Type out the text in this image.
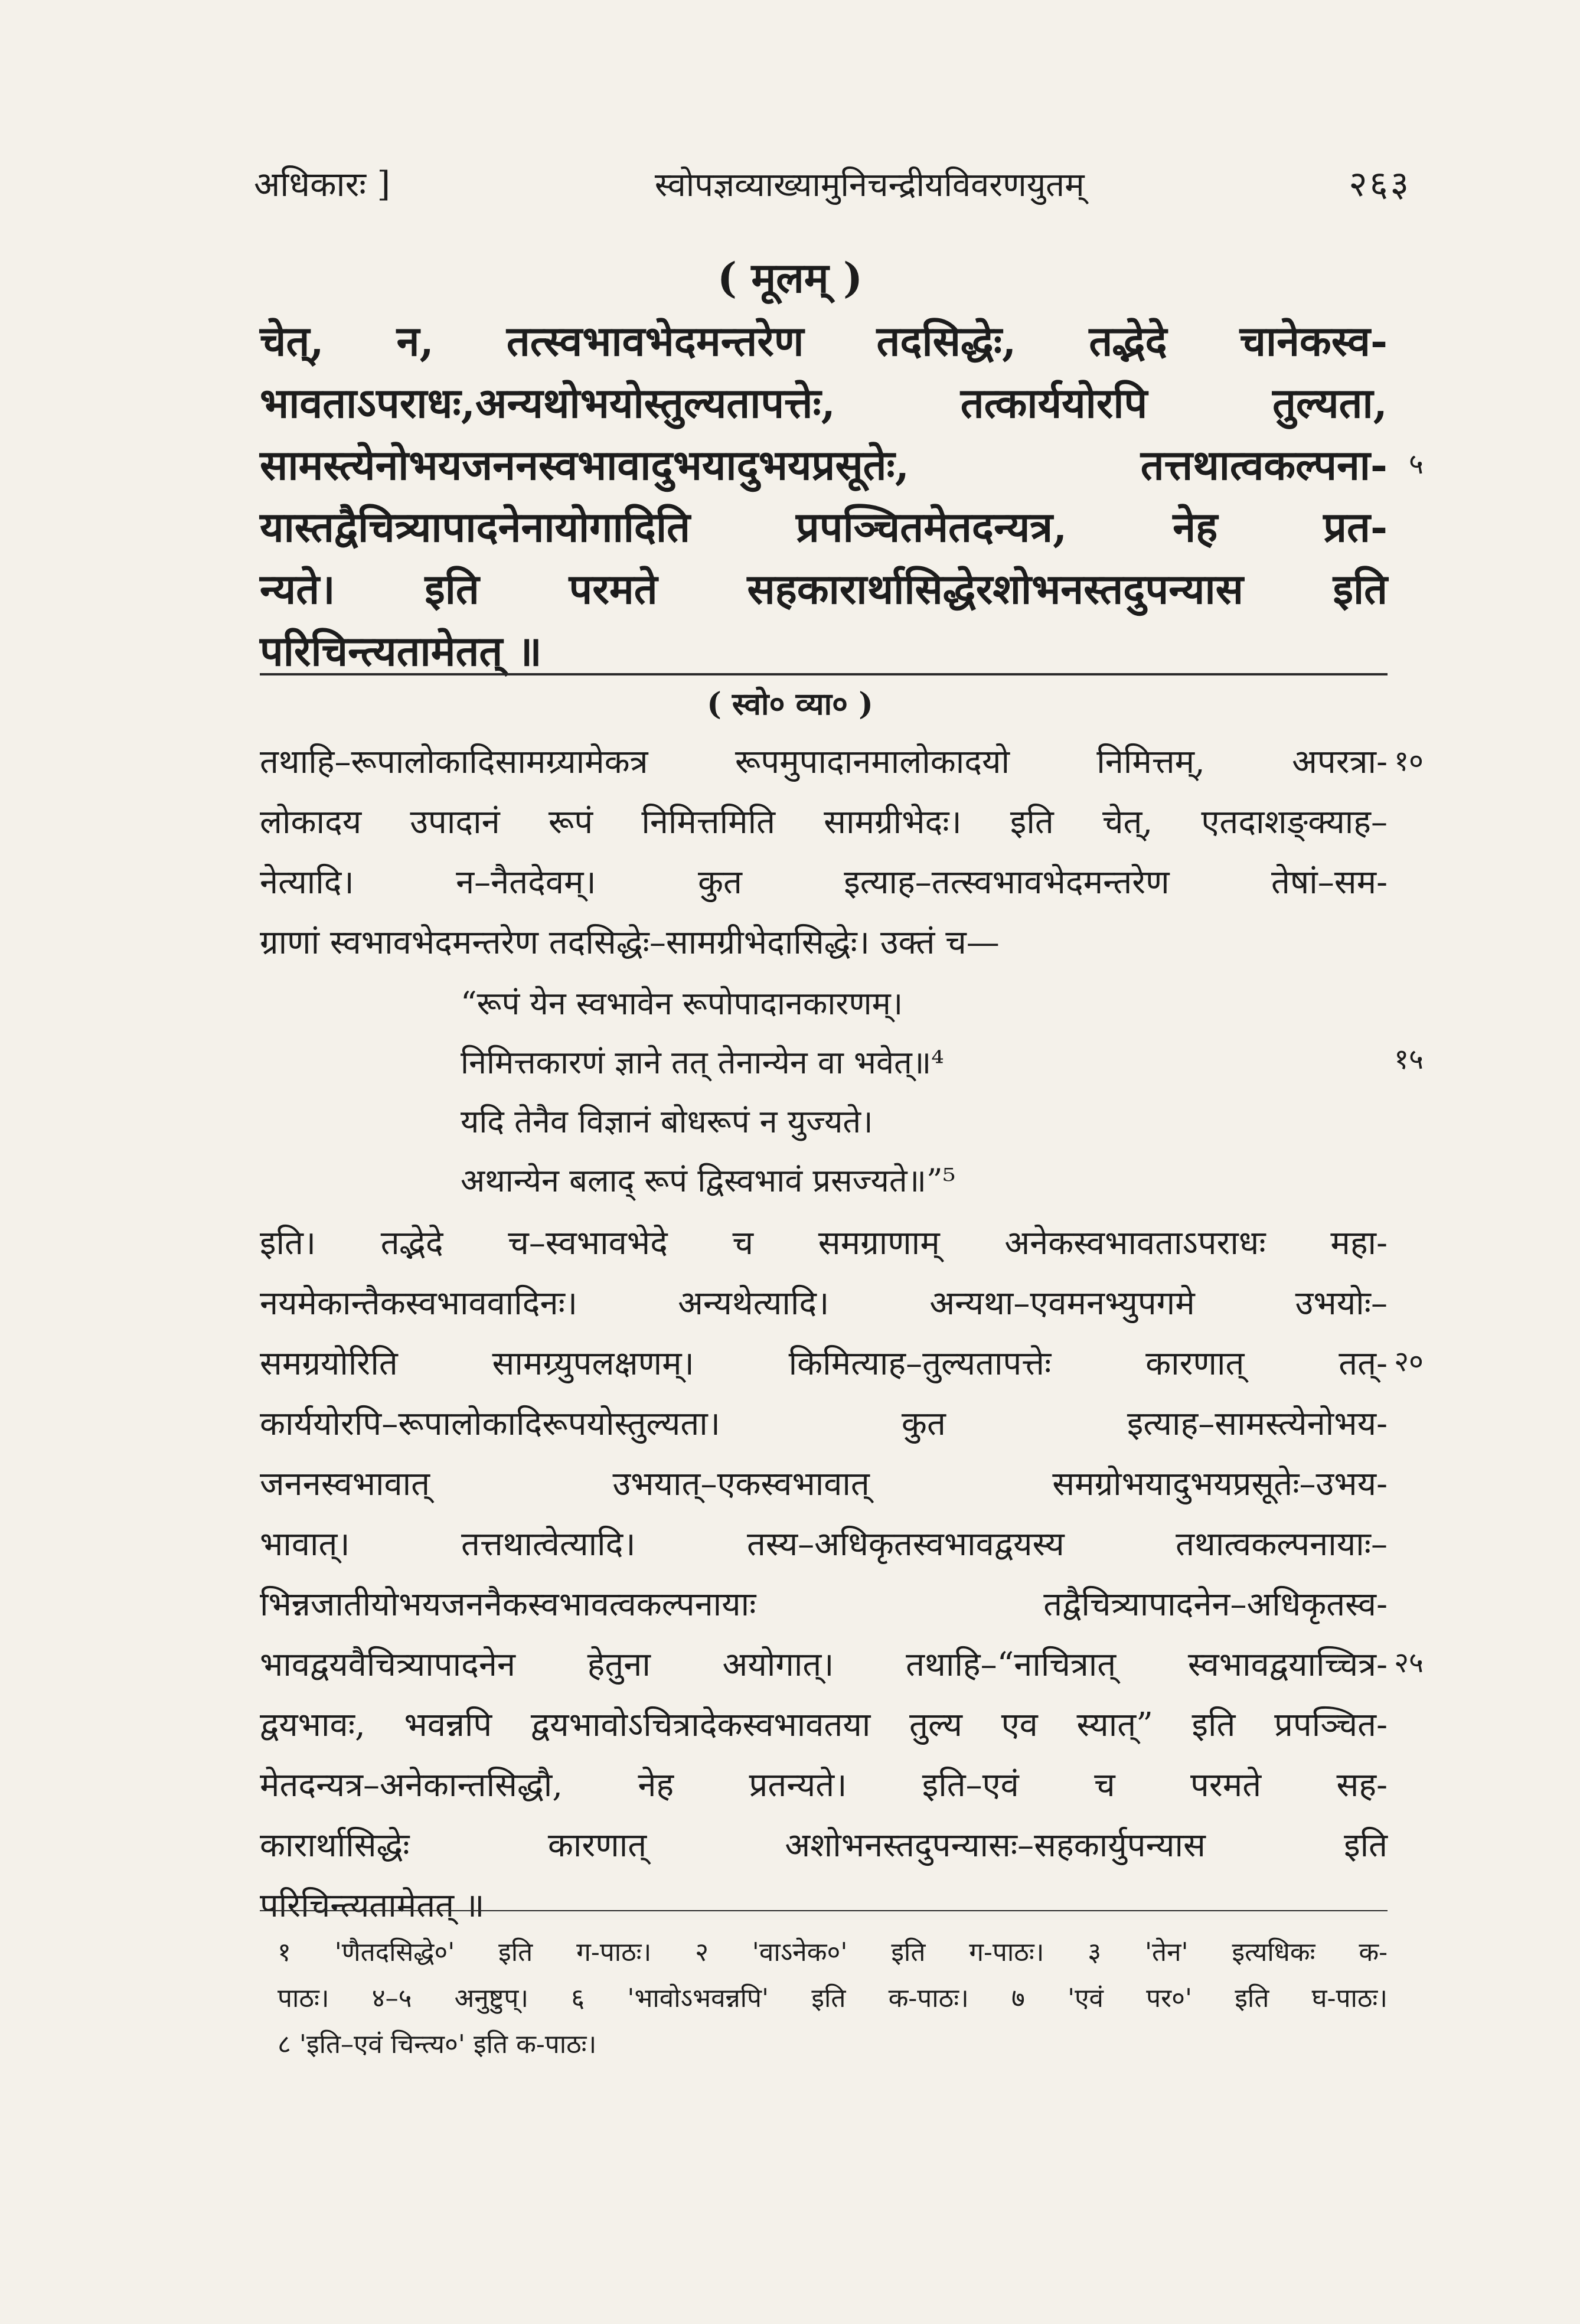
अधिकारः ]	स्वोपज्ञव्याख्यामुनिचन्द्रीयविवरणयुतम्	२६३
( मूलम् )
चेत्, न, तत्स्वभावभेदमन्तरेण तदसिद्धेः, तद्भेदे चानेकस्व-
भावताऽपराधः,अन्यथोभयोस्तुल्यतापत्तेः, तत्कार्ययोरपि तुल्यता,
सामस्त्येनोभयजननस्वभावादुभयादुभयप्रसूतेः, तत्तथात्वकल्पना-
यास्तद्वैचित्र्यापादनेनायोगादिति प्रपञ्चितमेतदन्यत्र, नेह प्रत-
न्यते। इति परमते सहकारार्थासिद्धेरशोभनस्तदुपन्यास इति
परिचिन्त्यतामेतत् ॥
५
( स्वो० व्या० )
तथाहि–रूपालोकादिसामग्र्यामेकत्र रूपमुपादानमालोकादयो निमित्तम्, अपरत्रा-
लोकादय उपादानं रूपं निमित्तमिति सामग्रीभेदः। इति चेत्, एतदाशङ्क्याह–
नेत्यादि। न–नैतदेवम्। कुत इत्याह–तत्स्वभावभेदमन्तरेण तेषां–सम-
ग्राणां स्वभावभेदमन्तरेण तदसिद्धेः–सामग्रीभेदासिद्धेः। उक्तं च—
१०
“रूपं येन स्वभावेन रूपोपादानकारणम्।
निमित्तकारणं ज्ञाने तत् तेनान्येन वा भवेत्॥⁴
यदि तेनैव विज्ञानं बोधरूपं न युज्यते।
अथान्येन बलाद् रूपं द्विस्वभावं प्रसज्यते॥”⁵
१५
इति। तद्भेदे च–स्वभावभेदे च समग्राणाम् अनेकस्वभावताऽपराधः महा-
नयमेकान्तैकस्वभाववादिनः। अन्यथेत्यादि। अन्यथा–एवमनभ्युपगमे उभयोः–
समग्रयोरिति सामग्र्युपलक्षणम्। किमित्याह–तुल्यतापत्तेः कारणात् तत्-
कार्ययोरपि–रूपालोकादिरूपयोस्तुल्यता। कुत इत्याह–सामस्त्येनोभय-
जननस्वभावात् उभयात्–एकस्वभावात् समग्रोभयादुभयप्रसूतेः–उभय-
भावात्। तत्तथात्वेत्यादि। तस्य–अधिकृतस्वभावद्वयस्य तथात्वकल्पनायाः–
भिन्नजातीयोभयजननैकस्वभावत्वकल्पनायाः तद्वैचित्र्यापादनेन–अधिकृतस्व-
भावद्वयवैचित्र्यापादनेन हेतुना अयोगात्। तथाहि–“नाचित्रात् स्वभावद्वयाच्चित्र-
द्वयभावः, भवन्नपि द्वयभावोऽचित्रादेकस्वभावतया तुल्य एव स्यात्” इति प्रपञ्चित-
मेतदन्यत्र–अनेकान्तसिद्धौ, नेह प्रतन्यते। इति–एवं च परमते सह-
कारार्थासिद्धेः कारणात् अशोभनस्तदुपन्यासः–सहकार्युपन्यास इति
परिचिन्त्यतामेतत् ॥
२०
२५
१ 'णैतदसिद्धे०' इति ग-पाठः। २ 'वाऽनेक०' इति ग-पाठः। ३ 'तेन' इत्यधिकः क-
पाठः। ४–५ अनुष्टुप्। ६ 'भावोऽभवन्नपि' इति क-पाठः। ७ 'एवं पर०' इति घ-पाठः।
८ 'इति–एवं चिन्त्य०' इति क-पाठः।
